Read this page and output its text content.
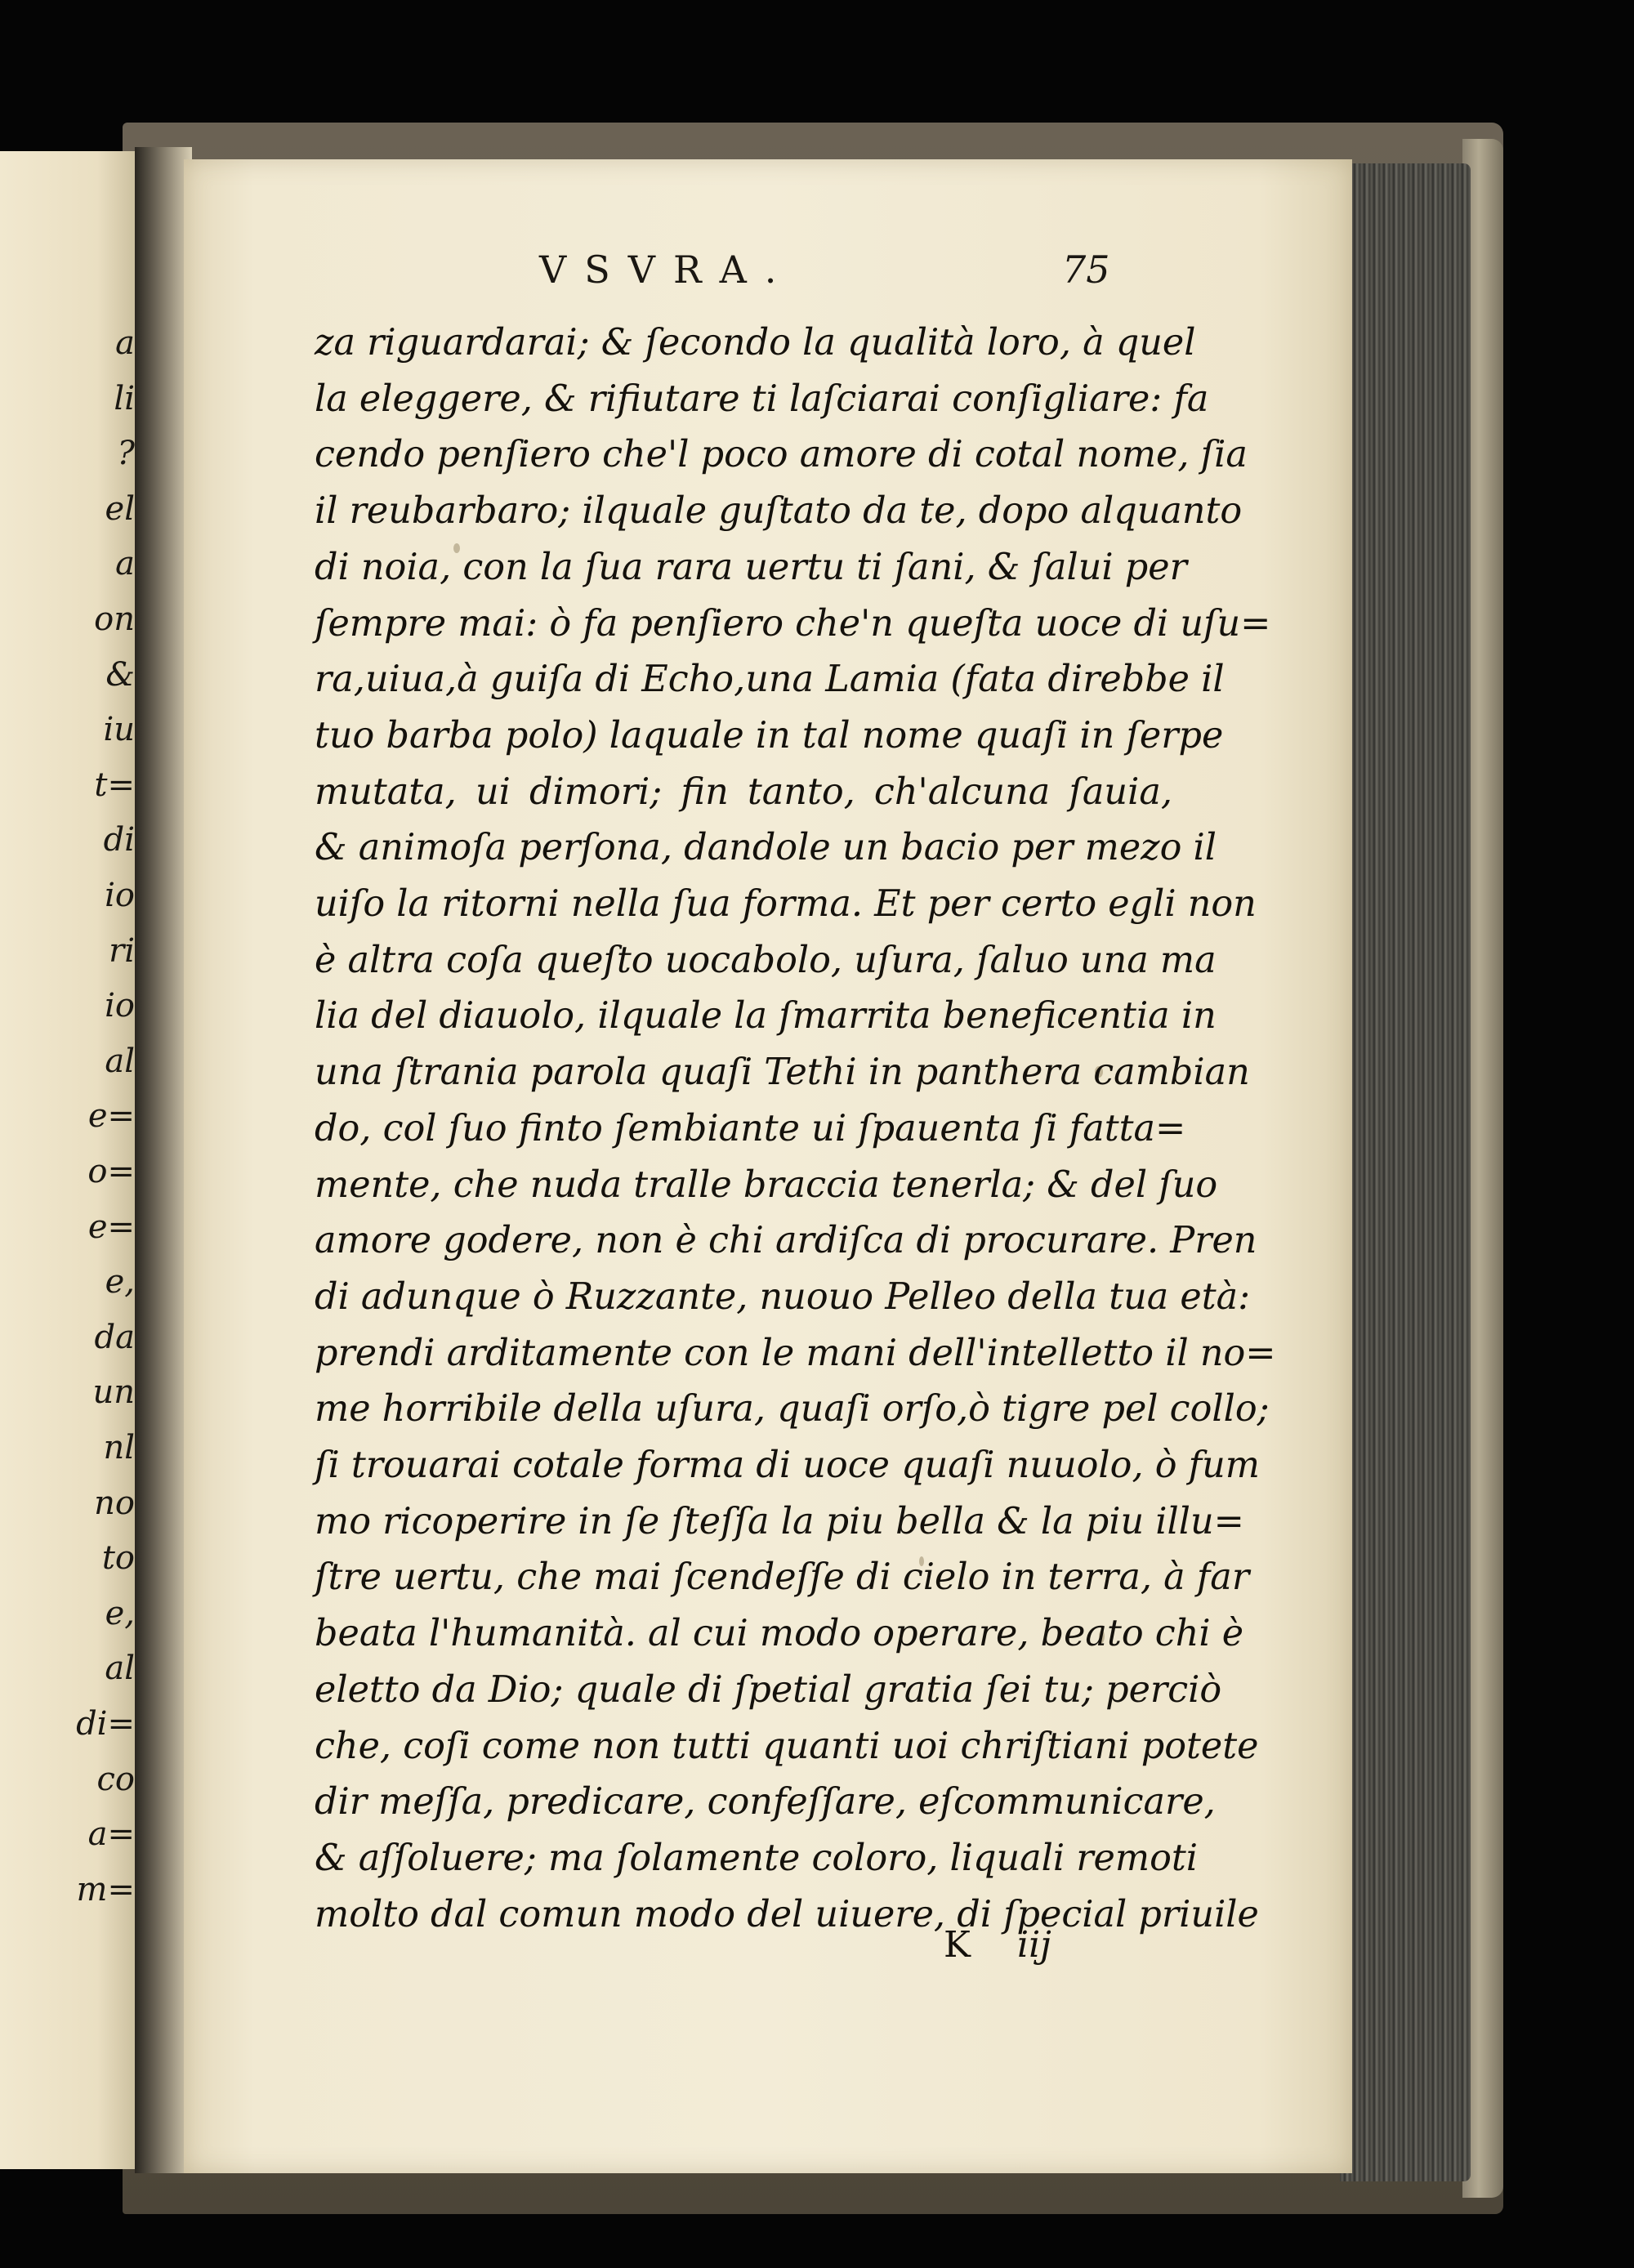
a
li
?
el
a
on
&
iu
t=
di
io
ri
io
al
e=
o=
e=
e,
da
un
nl
no
to
e,
al
di=
co
a=
m=
VSVRA.	75
za riguardarai; & ſecondo la qualità loro, à quel
la eleggere, & rifiutare ti laſciarai conſigliare: fa
cendo penſiero che'l poco amore di cotal nome, ſia
il reubarbaro; ilquale guſtato da te, dopo alquanto
di noia, con la ſua rara uertu ti ſani, & ſalui per
ſempre mai: ò fa penſiero che'n queſta uoce di uſu=
ra,uiua,à guiſa di Echo,una Lamia (fata direbbe il
tuo barba polo) laquale in tal nome quaſi in ſerpe
mutata, ui dimori; fin tanto, ch'alcuna ſauia,
& animoſa perſona, dandole un bacio per mezo il
uiſo la ritorni nella ſua forma. Et per certo egli non
è altra coſa queſto uocabolo, uſura, ſaluo una ma
lia del diauolo, ilquale la ſmarrita beneficentia in
una ſtrania parola quaſi Tethi in panthera cambian
do, col ſuo finto ſembiante ui ſpauenta ſi fatta=
mente, che nuda tralle braccia tenerla; & del ſuo
amore godere, non è chi ardiſca di procurare. Pren
di adunque ò Ruzzante, nuouo Pelleo della tua età:
prendi arditamente con le mani dell'intelletto il no=
me horribile della uſura, quaſi orſo,ò tigre pel collo;
ſi trouarai cotale forma di uoce quaſi nuuolo, ò fum
mo ricoperire in ſe ſteſſa la piu bella & la piu illu=
ſtre uertu, che mai ſcendeſſe di cielo in terra, à far
beata l'humanità. al cui modo operare, beato chi è
eletto da Dio; quale di ſpetial gratia ſei tu; perciò
che, coſi come non tutti quanti uoi chriſtiani potete
dir meſſa, predicare, confeſſare, eſcommunicare,
& aſſoluere; ma ſolamente coloro, liquali remoti
molto dal comun modo del uiuere, di ſpecial priuile
K iij
